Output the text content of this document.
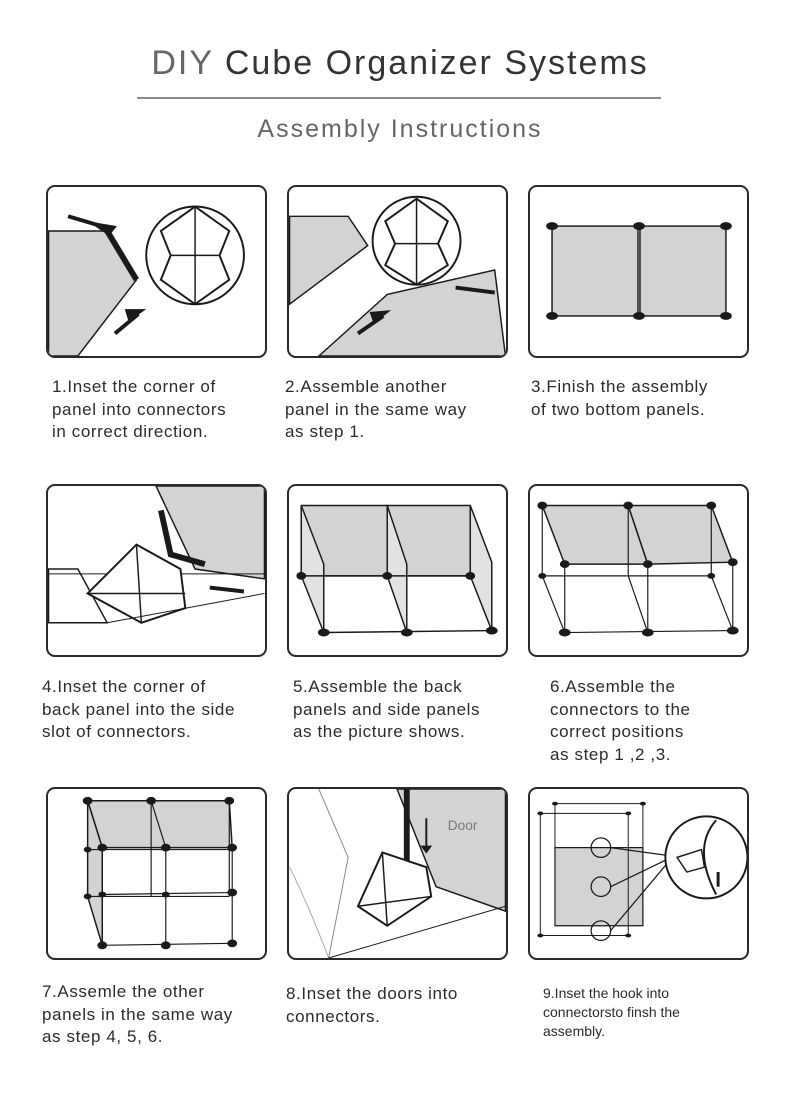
DIY Cube Organizer Systems
Assembly Instructions
1.Inset the corner of
panel into connectors
in correct direction.
2.Assemble another
panel in the same way
as step 1.
3.Finish the assembly
of two bottom panels.
4.Inset the corner of
back panel into the side
slot of connectors.
5.Assemble the back
panels and side panels
as the picture shows.
6.Assemble the
connectors to the
correct positions
as step 1 ,2 ,3.
Door
7.Assemle the other
panels in the same way
as step 4, 5, 6.
8.Inset the doors into
connectors.
9.Inset the hook into
connectorsto finsh the
assembly.
